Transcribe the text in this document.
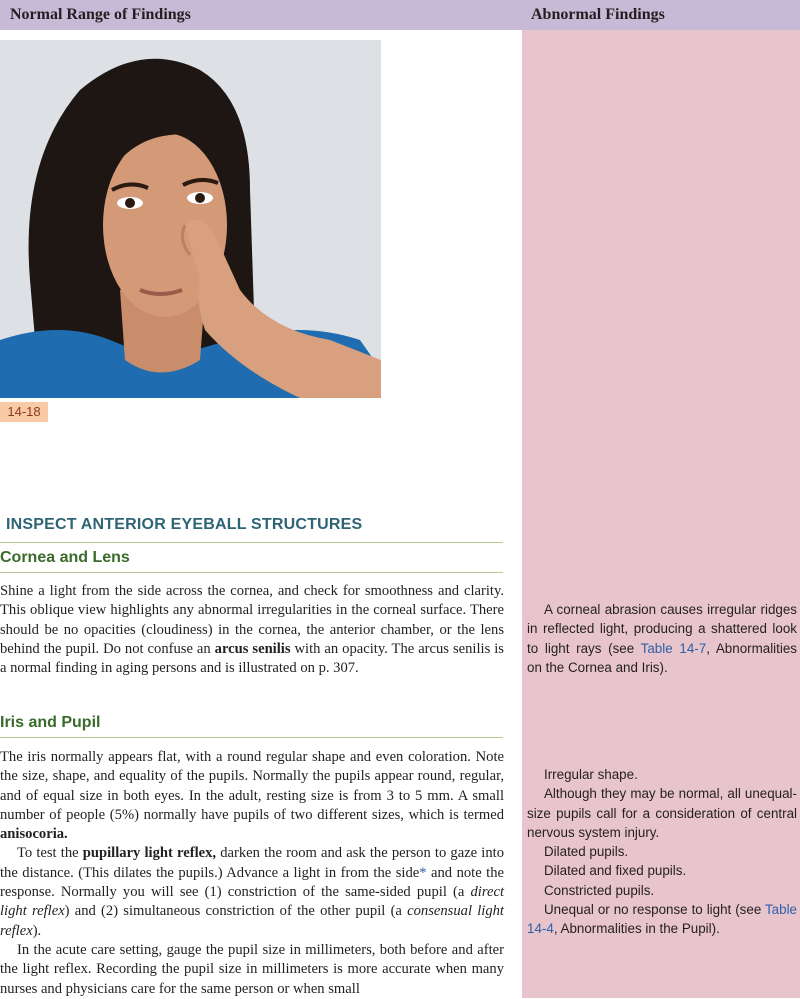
Normal Range of Findings	Abnormal Findings
14-18
INSPECT ANTERIOR EYEBALL STRUCTURES
Cornea and Lens

Shine a light from the side across the cornea, and check for smoothness and clarity. This oblique view highlights any abnormal irregularities in the corneal surface. There should be no opacities (cloudiness) in the cornea, the anterior chamber, or the lens behind the pupil. Do not confuse an arcus senilis with an opacity. The arcus senilis is a normal finding in aging persons and is illustrated on p. 307.

Iris and Pupil

The iris normally appears flat, with a round regular shape and even coloration. Note the size, shape, and equality of the pupils. Normally the pupils appear round, regular, and of equal size in both eyes. In the adult, resting size is from 3 to 5 mm. A small number of people (5%) normally have pupils of two different sizes, which is termed anisocoria.

To test the pupillary light reflex, darken the room and ask the person to gaze into the distance. (This dilates the pupils.) Advance a light in from the side* and note the response. Normally you will see (1) constriction of the same-sided pupil (a direct light reflex) and (2) simultaneous constriction of the other pupil (a consensual light reflex).

In the acute care setting, gauge the pupil size in millimeters, both before and after the light reflex. Recording the pupil size in millimeters is more accurate when many nurses and physicians care for the same person or when small

A corneal abrasion causes irregular ridges in reflected light, producing a shattered look to light rays (see Table 14-7, Abnormalities on the Cornea and Iris).

Irregular shape.

Although they may be normal, all unequal-size pupils call for a consideration of central nervous system injury.

Dilated pupils.

Dilated and fixed pupils.

Constricted pupils.

Unequal or no response to light (see Table 14-4, Abnormalities in the Pupil).
